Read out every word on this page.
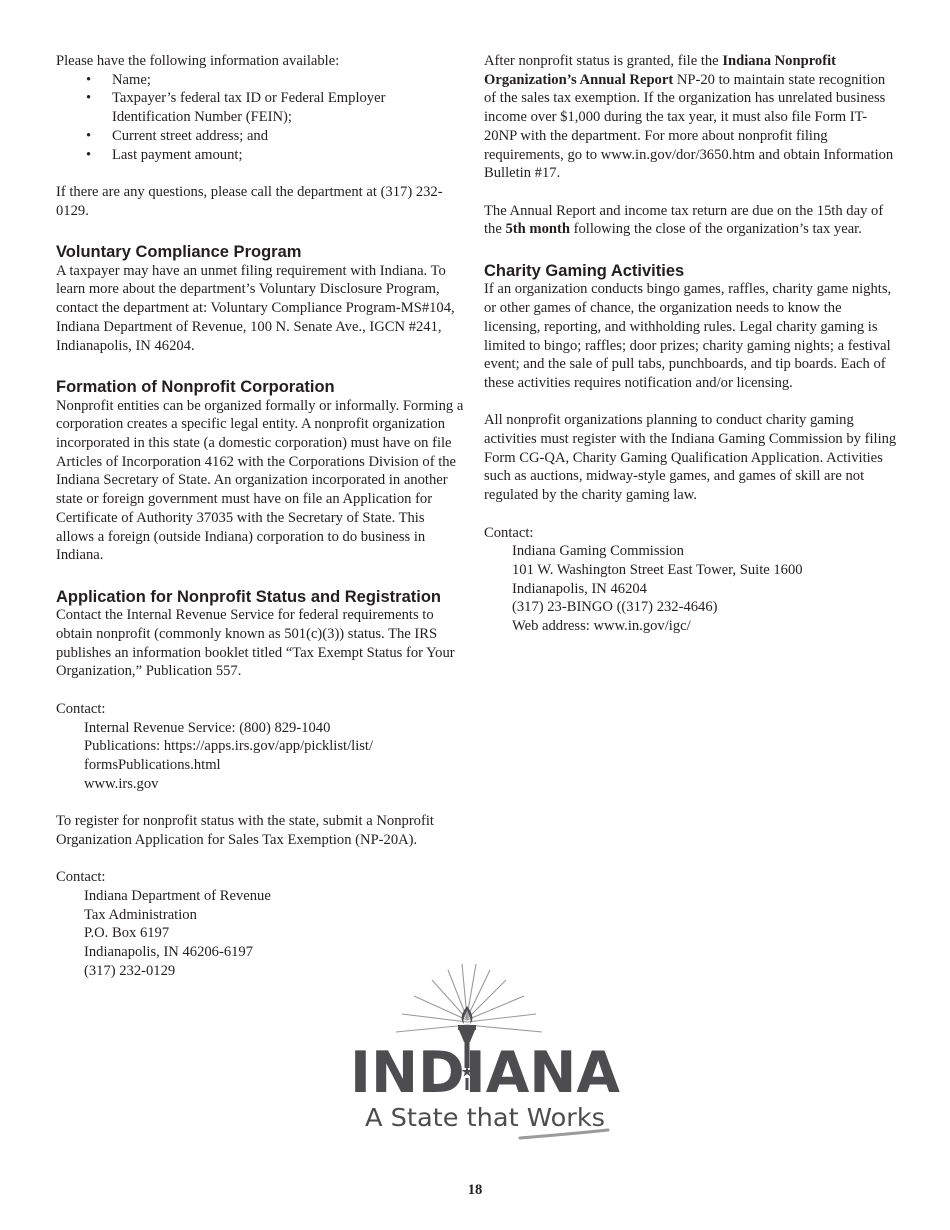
Please have the following information available:

• Name;
• Taxpayer’s federal tax ID or Federal Employer Identification Number (FEIN);
• Current street address; and
• Last payment amount;

If there are any questions, please call the department at (317) 232-0129.

Voluntary Compliance Program

A taxpayer may have an unmet filing requirement with Indiana. To learn more about the department’s Voluntary Disclosure Program, contact the department at: Voluntary Compliance Program-MS#104, Indiana Department of Revenue, 100 N. Senate Ave., IGCN #241, Indianapolis, IN 46204.

Formation of Nonprofit Corporation

Nonprofit entities can be organized formally or informally. Forming a corporation creates a specific legal entity. A nonprofit organization incorporated in this state (a domestic corporation) must have on file Articles of Incorporation 4162 with the Corporations Division of the Indiana Secretary of State. An organization incorporated in another state or foreign government must have on file an Application for Certificate of Authority 37035 with the Secretary of State. This allows a foreign (outside Indiana) corporation to do business in Indiana.

Application for Nonprofit Status and Registration

Contact the Internal Revenue Service for federal requirements to obtain nonprofit (commonly known as 501(c)(3)) status. The IRS publishes an information booklet titled “Tax Exempt Status for Your Organization,” Publication 557.

Contact:

Internal Revenue Service: (800) 829-1040
Publications: https://apps.irs.gov/app/picklist/list/
formsPublications.html
www.irs.gov

To register for nonprofit status with the state, submit a Nonprofit Organization Application for Sales Tax Exemption (NP-20A).

Contact:

Indiana Department of Revenue
Tax Administration
P.O. Box 6197
Indianapolis, IN 46206-6197
(317) 232-0129

After nonprofit status is granted, file the Indiana Nonprofit Organization’s Annual Report NP-20 to maintain state recognition of the sales tax exemption. If the organization has unrelated business income over $1,000 during the tax year, it must also file Form IT-20NP with the department. For more about nonprofit filing requirements, go to www.in.gov/dor/3650.htm and obtain Information Bulletin #17.

The Annual Report and income tax return are due on the 15th day of the 5th month following the close of the organization’s tax year.

Charity Gaming Activities

If an organization conducts bingo games, raffles, charity game nights, or other games of chance, the organization needs to know the licensing, reporting, and withholding rules. Legal charity gaming is limited to bingo; raffles; door prizes; charity gaming nights; a festival event; and the sale of pull tabs, punchboards, and tip boards. Each of these activities requires notification and/or licensing.

All nonprofit organizations planning to conduct charity gaming activities must register with the Indiana Gaming Commission by filing Form CG-QA, Charity Gaming Qualification Application. Activities such as auctions, midway-style games, and games of skill are not regulated by the charity gaming law.

Contact:

Indiana Gaming Commission
101 W. Washington Street East Tower, Suite 1600
Indianapolis, IN 46204
(317) 23-BINGO ((317) 232-4646)
Web address: www.in.gov/igc/
INDIANA
A State that Works
18
